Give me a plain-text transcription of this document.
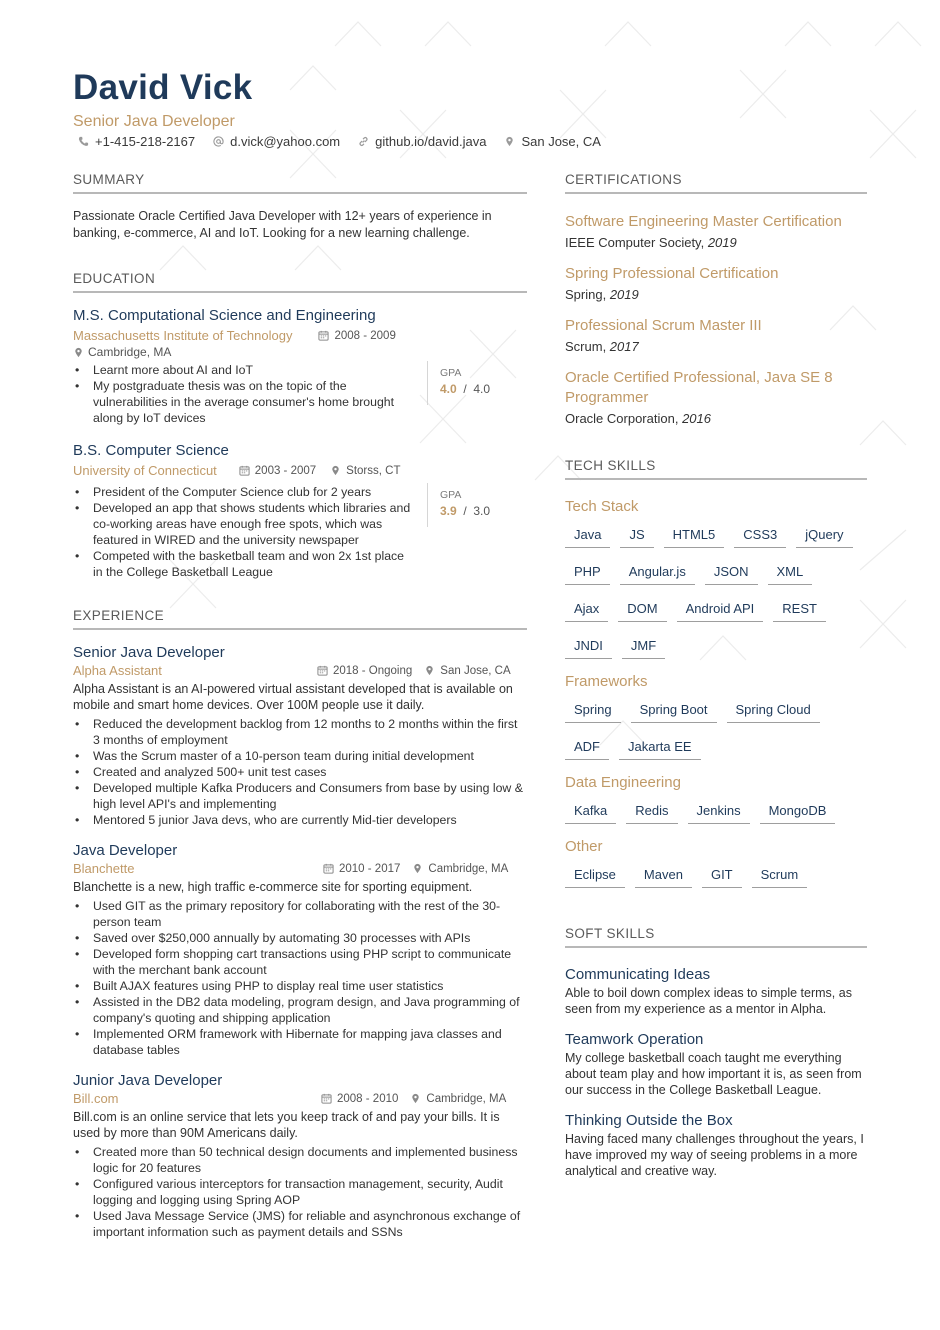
David Vick
Senior Java Developer
+1-415-218-2167	d.vick@yahoo.com	github.io/david.java	San Jose, CA
SUMMARY
Passionate Oracle Certified Java Developer with 12+ years of experience in banking, e-commerce, AI and IoT. Looking for a new learning challenge.
EDUCATION
M.S. Computational Science and Engineering
Massachusetts Institute of Technology	2008 - 2009
Cambridge, MA
• Learnt more about AI and IoT
• My postgraduate thesis was on the topic of the vulnerabilities in the average consumer's home brought along by IoT devices
GPA
4.0  /  4.0
B.S. Computer Science
University of Connecticut	2003 - 2007	Storss, CT
• President of the Computer Science club for 2 years
• Developed an app that shows students which libraries and co-working areas have enough free spots, which was featured in WIRED and the university newspaper
• Competed with the basketball team and won 2x 1st place in the College Basketball League
GPA
3.9  /  3.0
EXPERIENCE
Senior Java Developer
Alpha Assistant	2018 - Ongoing San Jose, CA
Alpha Assistant is an AI-powered virtual assistant developed that is available on mobile and smart home devices. Over 100M people use it daily.
• Reduced the development backlog from 12 months to 2 months within the first 3 months of employment
• Was the Scrum master of a 10-person team during initial development
• Created and analyzed 500+ unit test cases
• Developed multiple Kafka Producers and Consumers from base by using low & high level API's and implementing
• Mentored 5 junior Java devs, who are currently Mid-tier developers
Java Developer
Blanchette	2010 - 2017 Cambridge, MA
Blanchette is a new, high traffic e-commerce site for sporting equipment.
• Used GIT as the primary repository for collaborating with the rest of the 30-person team
• Saved over $250,000 annually by automating 30 processes with APIs
• Developed form shopping cart transactions using PHP script to communicate with the merchant bank account
• Built AJAX features using PHP to display real time user statistics
• Assisted in the DB2 data modeling, program design, and Java programming of company's quoting and shipping application
• Implemented ORM framework with Hibernate for mapping java classes and database tables
Junior Java Developer
Bill.com	2008 - 2010 Cambridge, MA
Bill.com is an online service that lets you keep track of and pay your bills. It is used by more than 90M Americans daily.
• Created more than 50 technical design documents and implemented business logic for 20 features
• Configured various interceptors for transaction management, security, Audit logging and logging using Spring AOP
• Used Java Message Service (JMS) for reliable and asynchronous exchange of important information such as payment details and SSNs
CERTIFICATIONS
Software Engineering Master Certification
IEEE Computer Society, 2019
Spring Professional Certification
Spring, 2019
Professional Scrum Master III
Scrum, 2017
Oracle Certified Professional, Java SE 8 Programmer
Oracle Corporation, 2016
TECH SKILLS
Tech Stack
Java	JS	HTML5	CSS3	jQuery
PHP	Angular.js	JSON	XML
Ajax	DOM	Android API	REST
JNDI	JMF
Frameworks
Spring	Spring Boot	Spring Cloud
ADF	Jakarta EE
Data Engineering
Kafka	Redis	Jenkins	MongoDB
Other
Eclipse	Maven	GIT	Scrum
SOFT SKILLS
Communicating Ideas
Able to boil down complex ideas to simple terms, as seen from my experience as a mentor in Alpha.
Teamwork Operation
My college basketball coach taught me everything about team play and how important it is, as seen from our success in the College Basketball League.
Thinking Outside the Box
Having faced many challenges throughout the years, I have improved my way of seeing problems in a more analytical and creative way.
